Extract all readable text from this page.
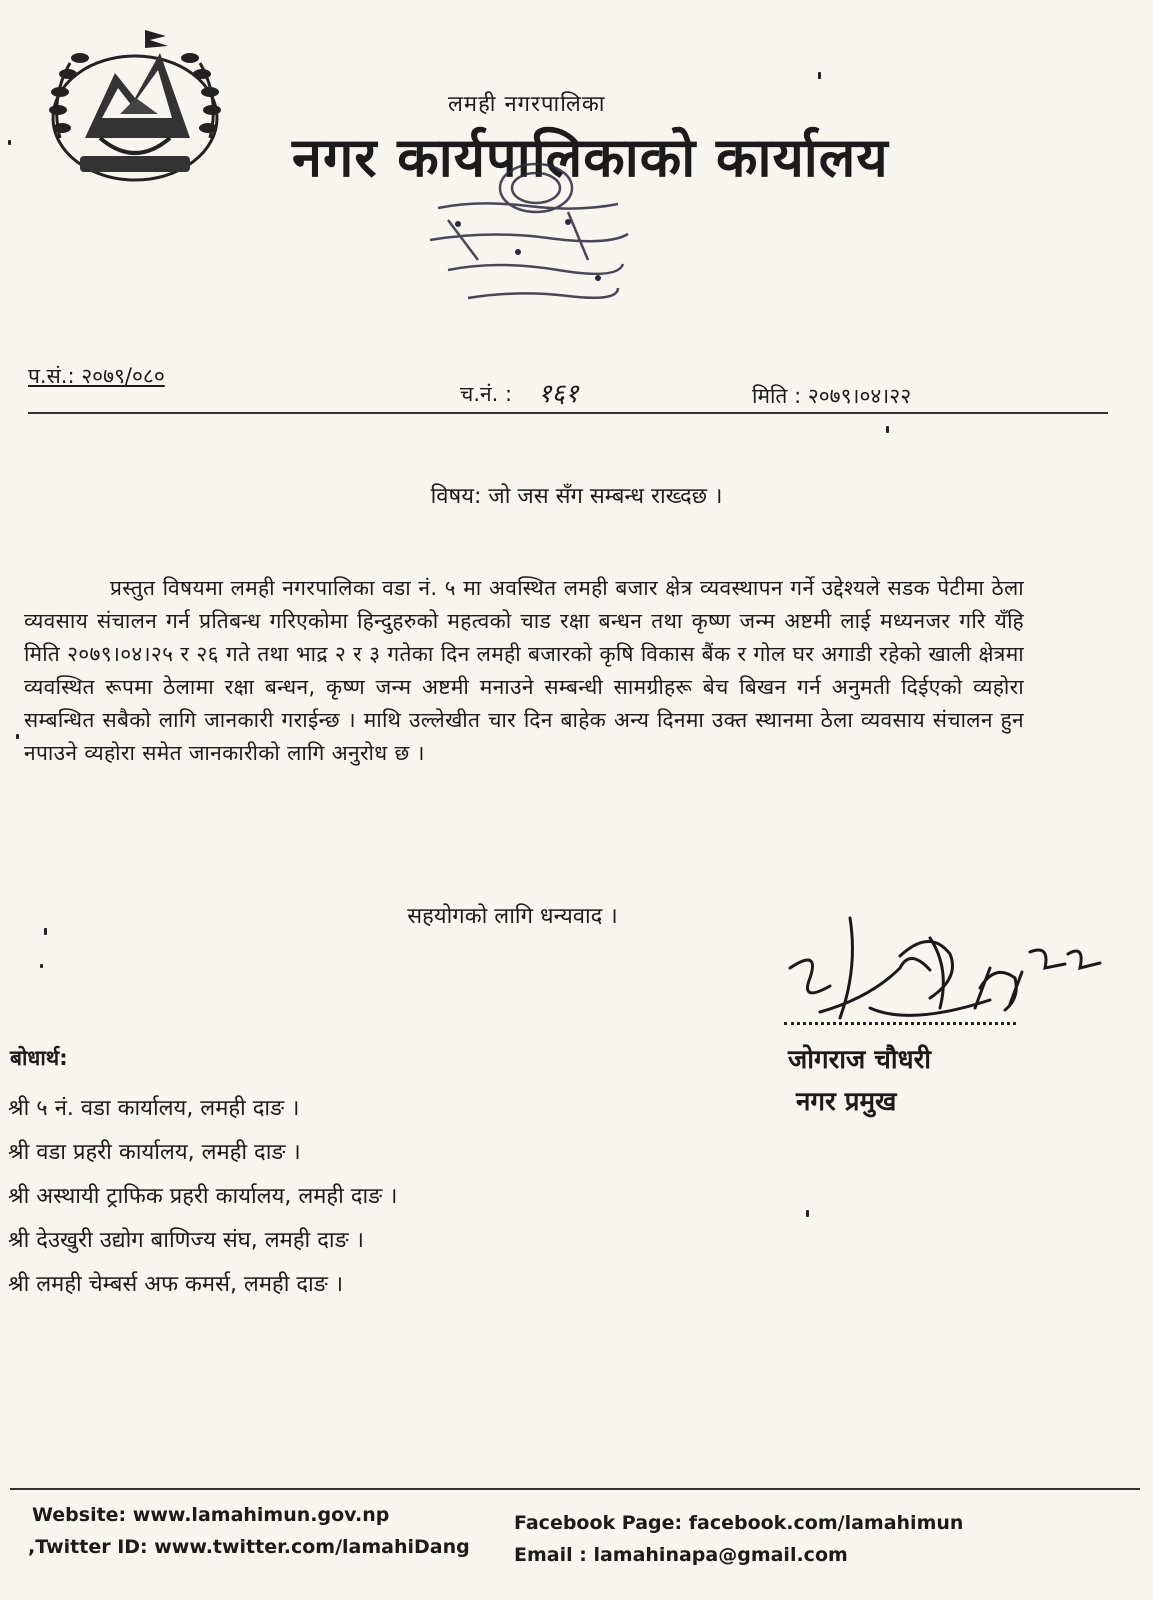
लमही नगरपालिका
नगर कार्यपालिकाको कार्यालय
प.सं.: २०७९/०८०
च.नं. : १६१	मिति : २०७९।०४।२२
विषय: जो जस सँग सम्बन्ध राख्दछ ।

प्रस्तुत विषयमा लमही नगरपालिका वडा नं. ५ मा अवस्थित लमही बजार क्षेत्र व्यवस्थापन गर्ने उद्देश्यले सडक पेटीमा ठेला व्यवसाय संचालन गर्न प्रतिबन्ध गरिएकोमा हिन्दुहरुको महत्वको चाड रक्षा बन्धन तथा कृष्ण जन्म अष्टमी लाई मध्यनजर गरि यँहि मिति २०७९।०४।२५ र २६ गते तथा भाद्र २ र ३ गतेका दिन लमही बजारको कृषि विकास बैंक र गोल घर अगाडी रहेको खाली क्षेत्रमा व्यवस्थित रूपमा ठेलामा रक्षा बन्धन, कृष्ण जन्म अष्टमी मनाउने सम्बन्धी सामग्रीहरू बेच बिखन गर्न अनुमती दिईएको व्यहोरा सम्बन्धित सबैको लागि जानकारी गराईन्छ । माथि उल्लेखीत चार दिन बाहेक अन्य दिनमा उक्त स्थानमा ठेला व्यवसाय संचालन हुन नपाउने व्यहोरा समेत जानकारीको लागि अनुरोध छ ।

सहयोगको लागि धन्यवाद ।
जोगराज चौधरी
नगर प्रमुख
बोधार्थ:
श्री ५ नं. वडा कार्यालय, लमही दाङ ।
श्री वडा प्रहरी कार्यालय, लमही दाङ ।
श्री अस्थायी ट्राफिक प्रहरी कार्यालय, लमही दाङ ।
श्री देउखुरी उद्योग बाणिज्य संघ, लमही दाङ ।
श्री लमही चेम्बर्स अफ कमर्स, लमही दाङ ।
Website: www.lamahimun.gov.np
,Twitter ID: www.twitter.com/lamahiDang
Facebook Page: facebook.com/lamahimun
Email : lamahinapa@gmail.com
